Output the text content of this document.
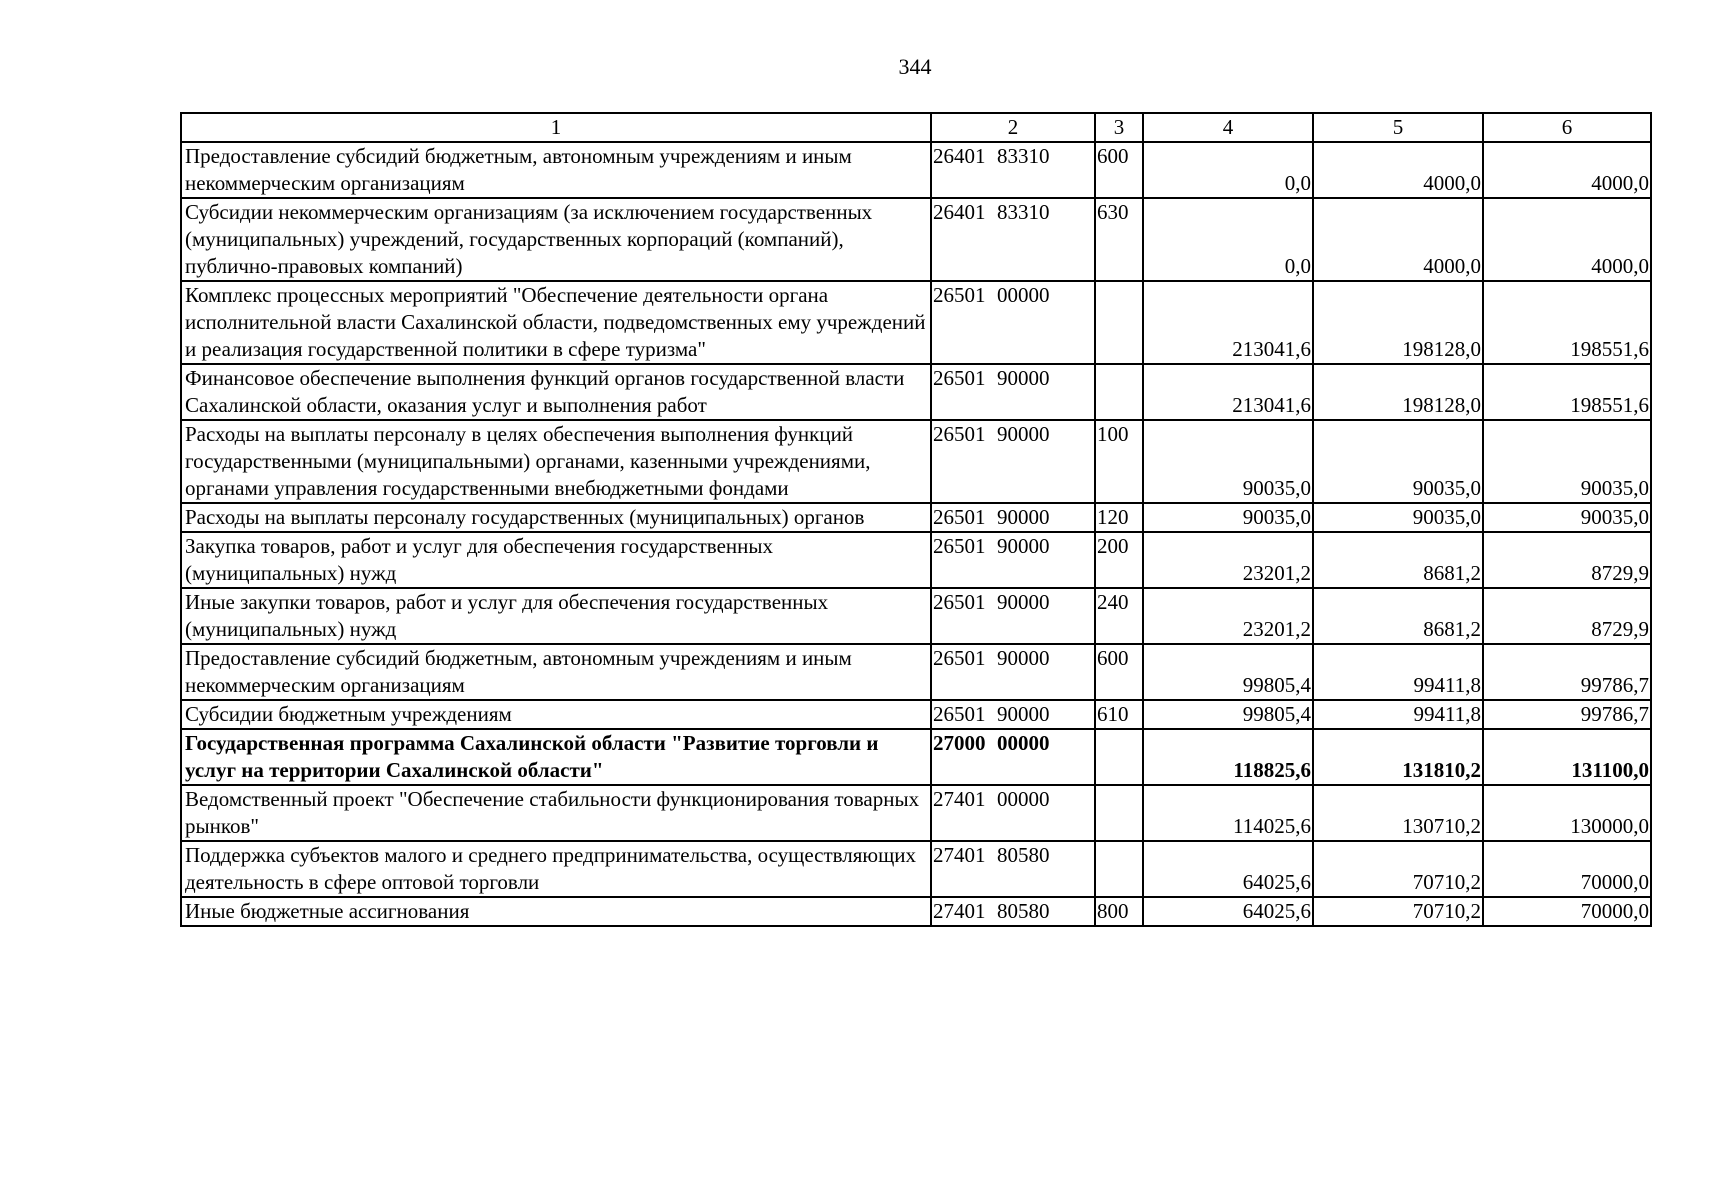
344
1	2	3	4	5	6
Предоставление субсидий бюджетным, автономным учреждениям и иным некоммерческим организациям	26401 83310	600	0,0	4000,0	4000,0
Субсидии некоммерческим организациям (за исключением государственных (муниципальных) учреждений, государственных корпораций (компаний), публично-правовых компаний)	26401 83310	630	0,0	4000,0	4000,0
Комплекс процессных мероприятий "Обеспечение деятельности органа исполнительной власти Сахалинской области, подведомственных ему учреждений и реализация государственной политики в сфере туризма"	26501 00000		213041,6	198128,0	198551,6
Финансовое обеспечение выполнения функций органов государственной власти Сахалинской области, оказания услуг и выполнения работ	26501 90000		213041,6	198128,0	198551,6
Расходы на выплаты персоналу в целях обеспечения выполнения функций государственными (муниципальными) органами, казенными учреждениями, органами управления государственными внебюджетными фондами	26501 90000	100	90035,0	90035,0	90035,0
Расходы на выплаты персоналу государственных (муниципальных) органов	26501 90000	120	90035,0	90035,0	90035,0
Закупка товаров, работ и услуг для обеспечения государственных (муниципальных) нужд	26501 90000	200	23201,2	8681,2	8729,9
Иные закупки товаров, работ и услуг для обеспечения государственных (муниципальных) нужд	26501 90000	240	23201,2	8681,2	8729,9
Предоставление субсидий бюджетным, автономным учреждениям и иным некоммерческим организациям	26501 90000	600	99805,4	99411,8	99786,7
Субсидии бюджетным учреждениям	26501 90000	610	99805,4	99411,8	99786,7
Государственная программа Сахалинской области "Развитие торговли и услуг на территории Сахалинской области"	27000 00000		118825,6	131810,2	131100,0
Ведомственный проект "Обеспечение стабильности функционирования товарных рынков"	27401 00000		114025,6	130710,2	130000,0
Поддержка субъектов малого и среднего предпринимательства, осуществляющих деятельность в сфере оптовой торговли	27401 80580		64025,6	70710,2	70000,0
Иные бюджетные ассигнования	27401 80580	800	64025,6	70710,2	70000,0
